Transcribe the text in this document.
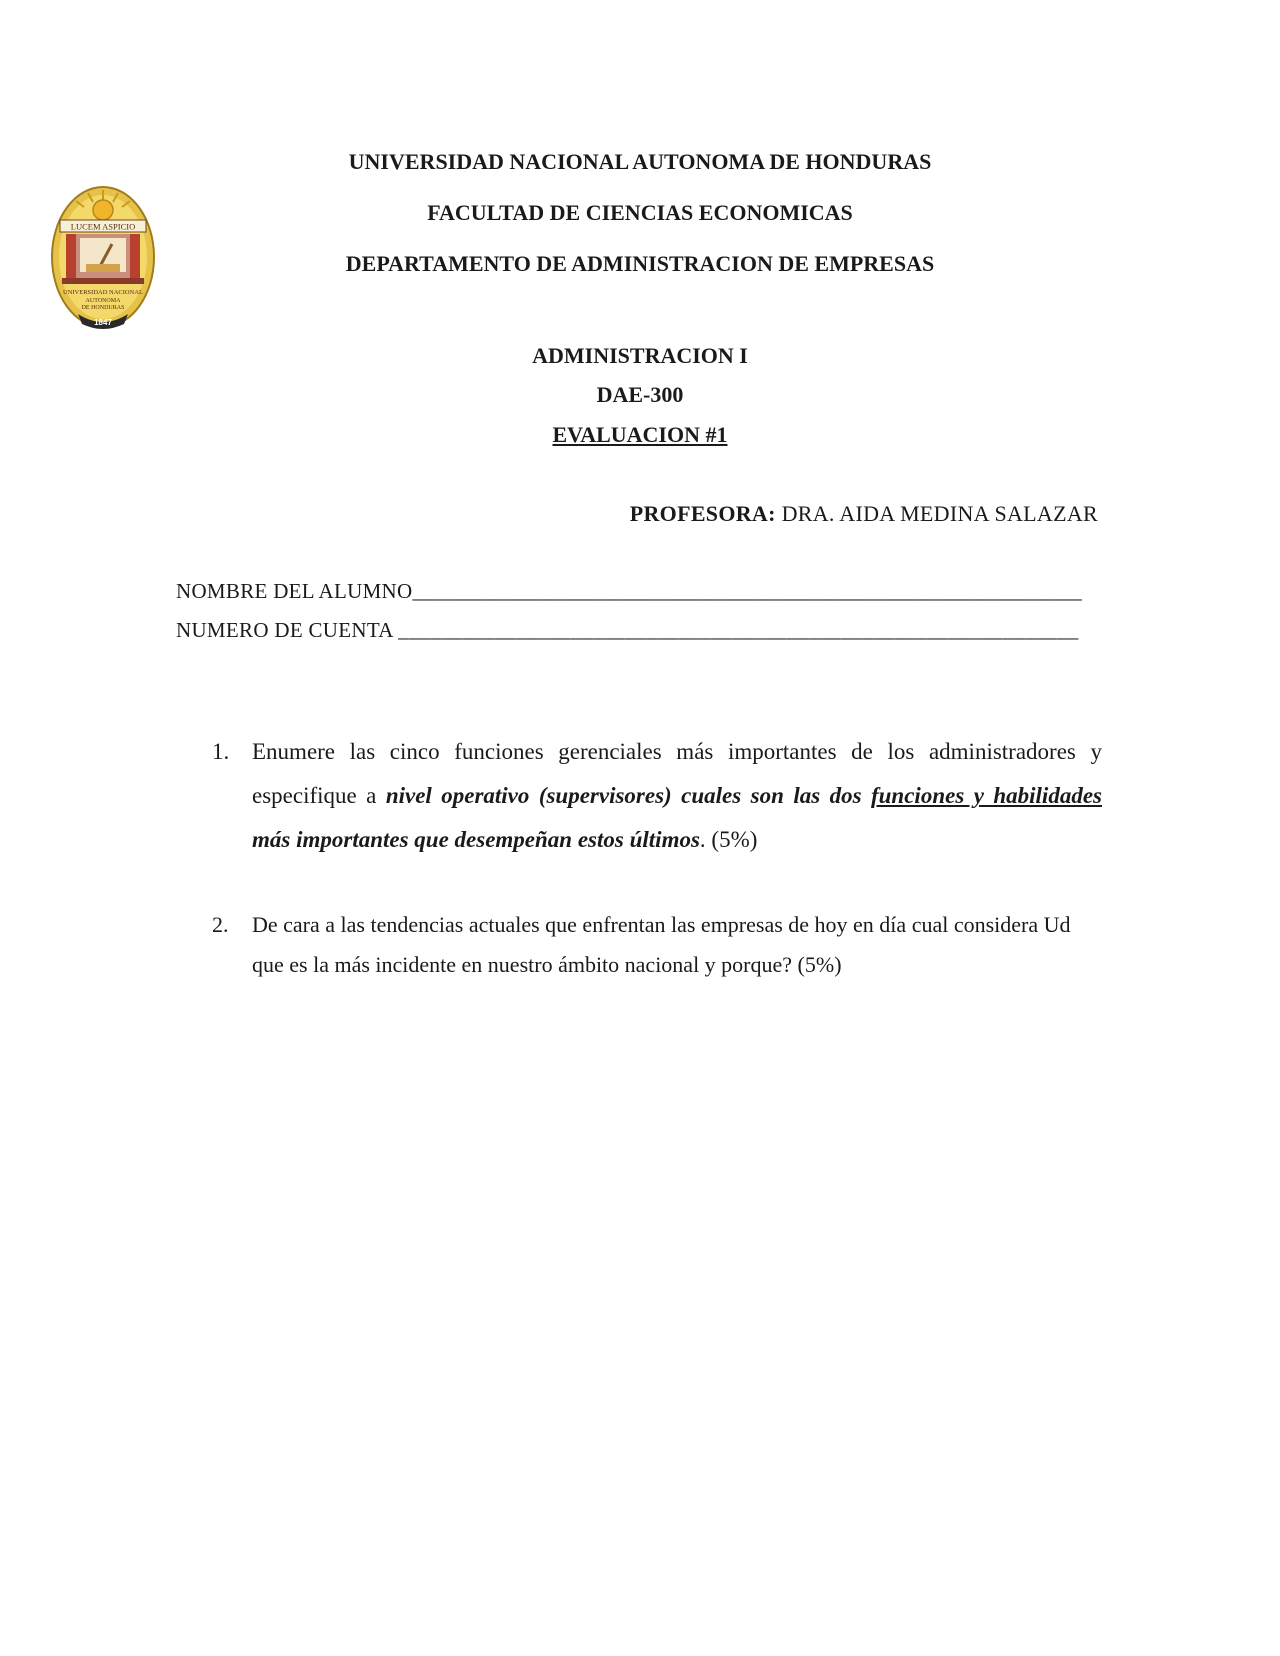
LUCEM ASPICIO
UNIVERSIDAD NACIONAL
AUTONOMA
DE HONDURAS
1847
UNIVERSIDAD NACIONAL AUTONOMA DE HONDURAS
FACULTAD DE CIENCIAS ECONOMICAS
DEPARTAMENTO DE ADMINISTRACION DE EMPRESAS
ADMINISTRACION I
DAE-300
EVALUACION #1
PROFESORA: DRA. AIDA MEDINA SALAZAR
NOMBRE DEL ALUMNO______________________________________________________________
NUMERO DE CUENTA _______________________________________________________________
1. Enumere las cinco funciones gerenciales más importantes de los administradores y especifique a nivel operativo (supervisores) cuales son las dos funciones y habilidades más importantes que desempeñan estos últimos. (5%)
2. De cara a las tendencias actuales que enfrentan las empresas de hoy en día cual considera Ud que es la más incidente en nuestro ámbito nacional y porque? (5%)
